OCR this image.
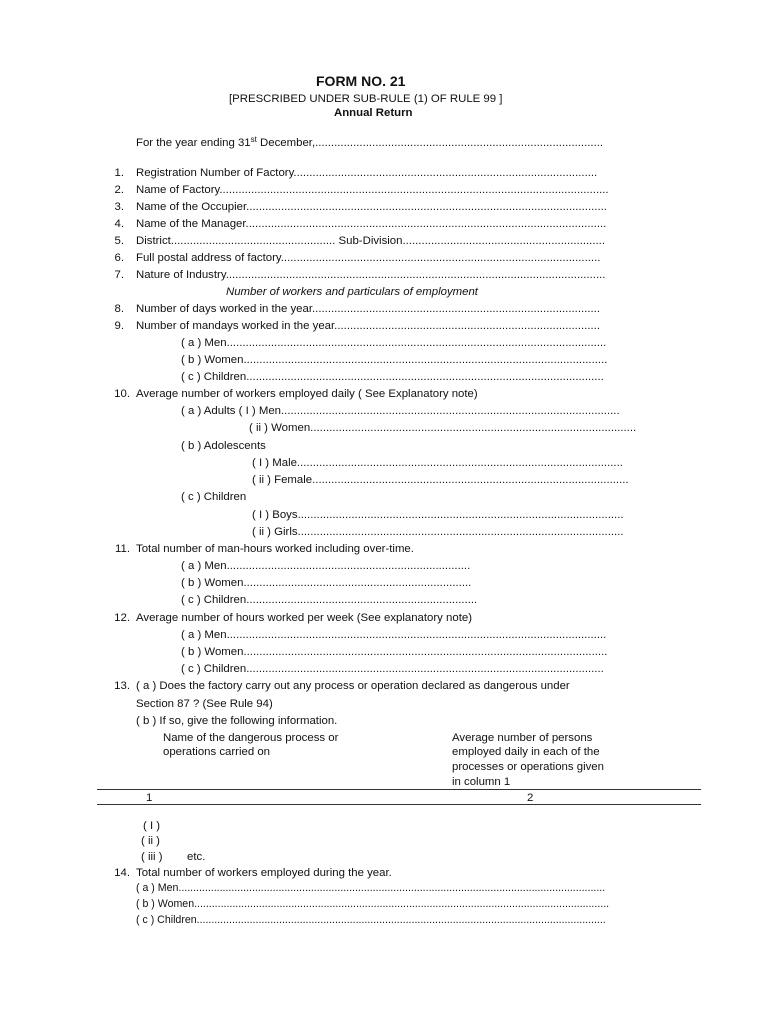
FORM NO. 21
[PRESCRIBED UNDER SUB-RULE (1) OF RULE 99 ]
Annual Return
For the year ending 31st December,...........................................................................................
1. Registration Number of Factory................................................................................................
2. Name of Factory...........................................................................................................................
3. Name of the Occupier..................................................................................................................
4. Name of the Manager..................................................................................................................
5. District.................................................... Sub-Division................................................................
6. Full postal address of factory.....................................................................................................
7. Nature of Industry........................................................................................................................
Number of workers and particulars of employment
8. Number of days worked in the year...........................................................................................
9. Number of mandays worked in the year....................................................................................
( a ) Men........................................................................................................................
( b ) Women...................................................................................................................
( c ) Children.................................................................................................................
10. Average number of workers employed daily ( See Explanatory note)
( a ) Adults ( I ) Men...........................................................................................................
( ii ) Women.......................................................................................................
( b ) Adolescents
( I ) Male.......................................................................................................
( ii ) Female....................................................................................................
( c ) Children
( I ) Boys.......................................................................................................
( ii ) Girls.......................................................................................................
11. Total number of man-hours worked including over-time.
( a ) Men.............................................................................
( b ) Women........................................................................
( c ) Children.........................................................................
12. Average number of hours worked per week (See explanatory note)
( a ) Men........................................................................................................................
( b ) Women...................................................................................................................
( c ) Children.................................................................................................................
13. ( a ) Does the factory carry out any process or operation declared as dangerous under
Section 87 ? (See Rule 94)
( b ) If so, give the following information.
Name of the dangerous process or
operations carried on
Average number of persons
employed daily in each of the
processes or operations given
in column 1
1	2
( I )
( ii )
( iii ) etc.
14. Total number of workers employed during the year.
( a ) Men.................................................................................................................................................
( b ) Women.............................................................................................................................................
( c ) Children...........................................................................................................................................
